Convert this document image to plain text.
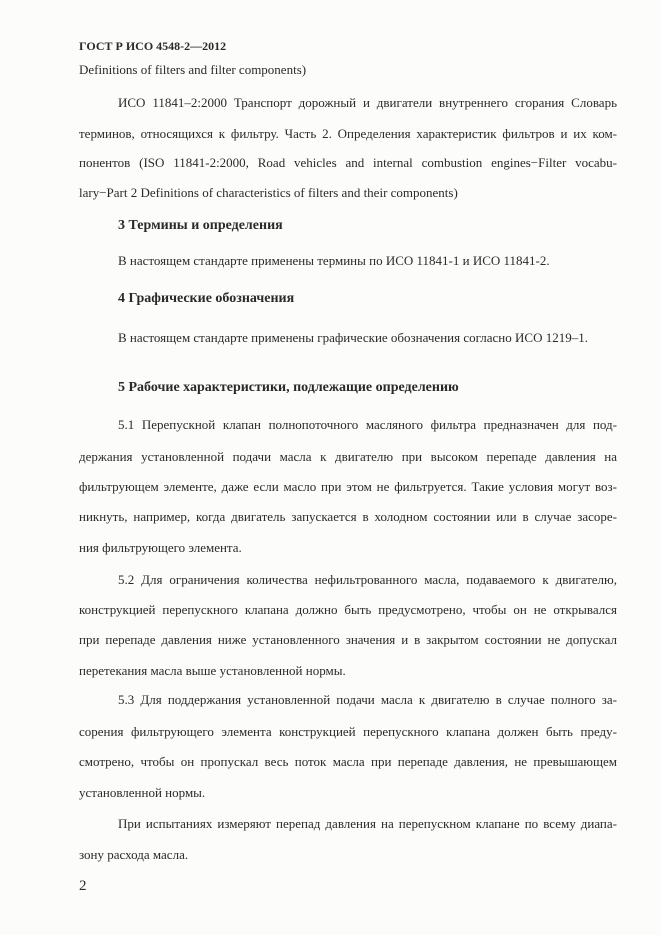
ГОСТ Р ИСО 4548-2—2012
Definitions of filters and filter components)
ИСО 11841–2:2000 Транспорт дорожный и двигатели внутреннего сгорания Словарь
терминов, относящихся к фильтру. Часть 2. Определения характеристик фильтров и их ком-
понентов (ISO 11841-2:2000, Road vehicles and internal combustion engines−Filter vocabu-
lary−Part 2 Definitions of characteristics of filters and their components)
3 Термины и определения
В настоящем стандарте применены термины по ИСО 11841-1 и ИСО 11841-2.
4 Графические обозначения
В настоящем стандарте применены графические обозначения согласно ИСО 1219–1.
5 Рабочие характеристики, подлежащие определению
5.1 Перепускной клапан полнопоточного масляного фильтра предназначен для под-
держания установленной подачи масла к двигателю при высоком перепаде давления на
фильтрующем элементе, даже если масло при этом не фильтруется. Такие условия могут воз-
никнуть, например, когда двигатель запускается в холодном состоянии или в случае засоре-
ния фильтрующего элемента.
5.2 Для ограничения количества нефильтрованного масла, подаваемого к двигателю,
конструкцией перепускного клапана должно быть предусмотрено, чтобы он не открывался
при перепаде давления ниже установленного значения и в закрытом состоянии не допускал
перетекания масла выше установленной нормы.
5.3 Для поддержания установленной подачи масла к двигателю в случае полного за-
сорения фильтрующего элемента конструкцией перепускного клапана должен быть преду-
смотрено, чтобы он пропускал весь поток масла при перепаде давления, не превышающем
установленной нормы.
При испытаниях измеряют перепад давления на перепускном клапане по всему диапа-
зону расхода масла.
2
